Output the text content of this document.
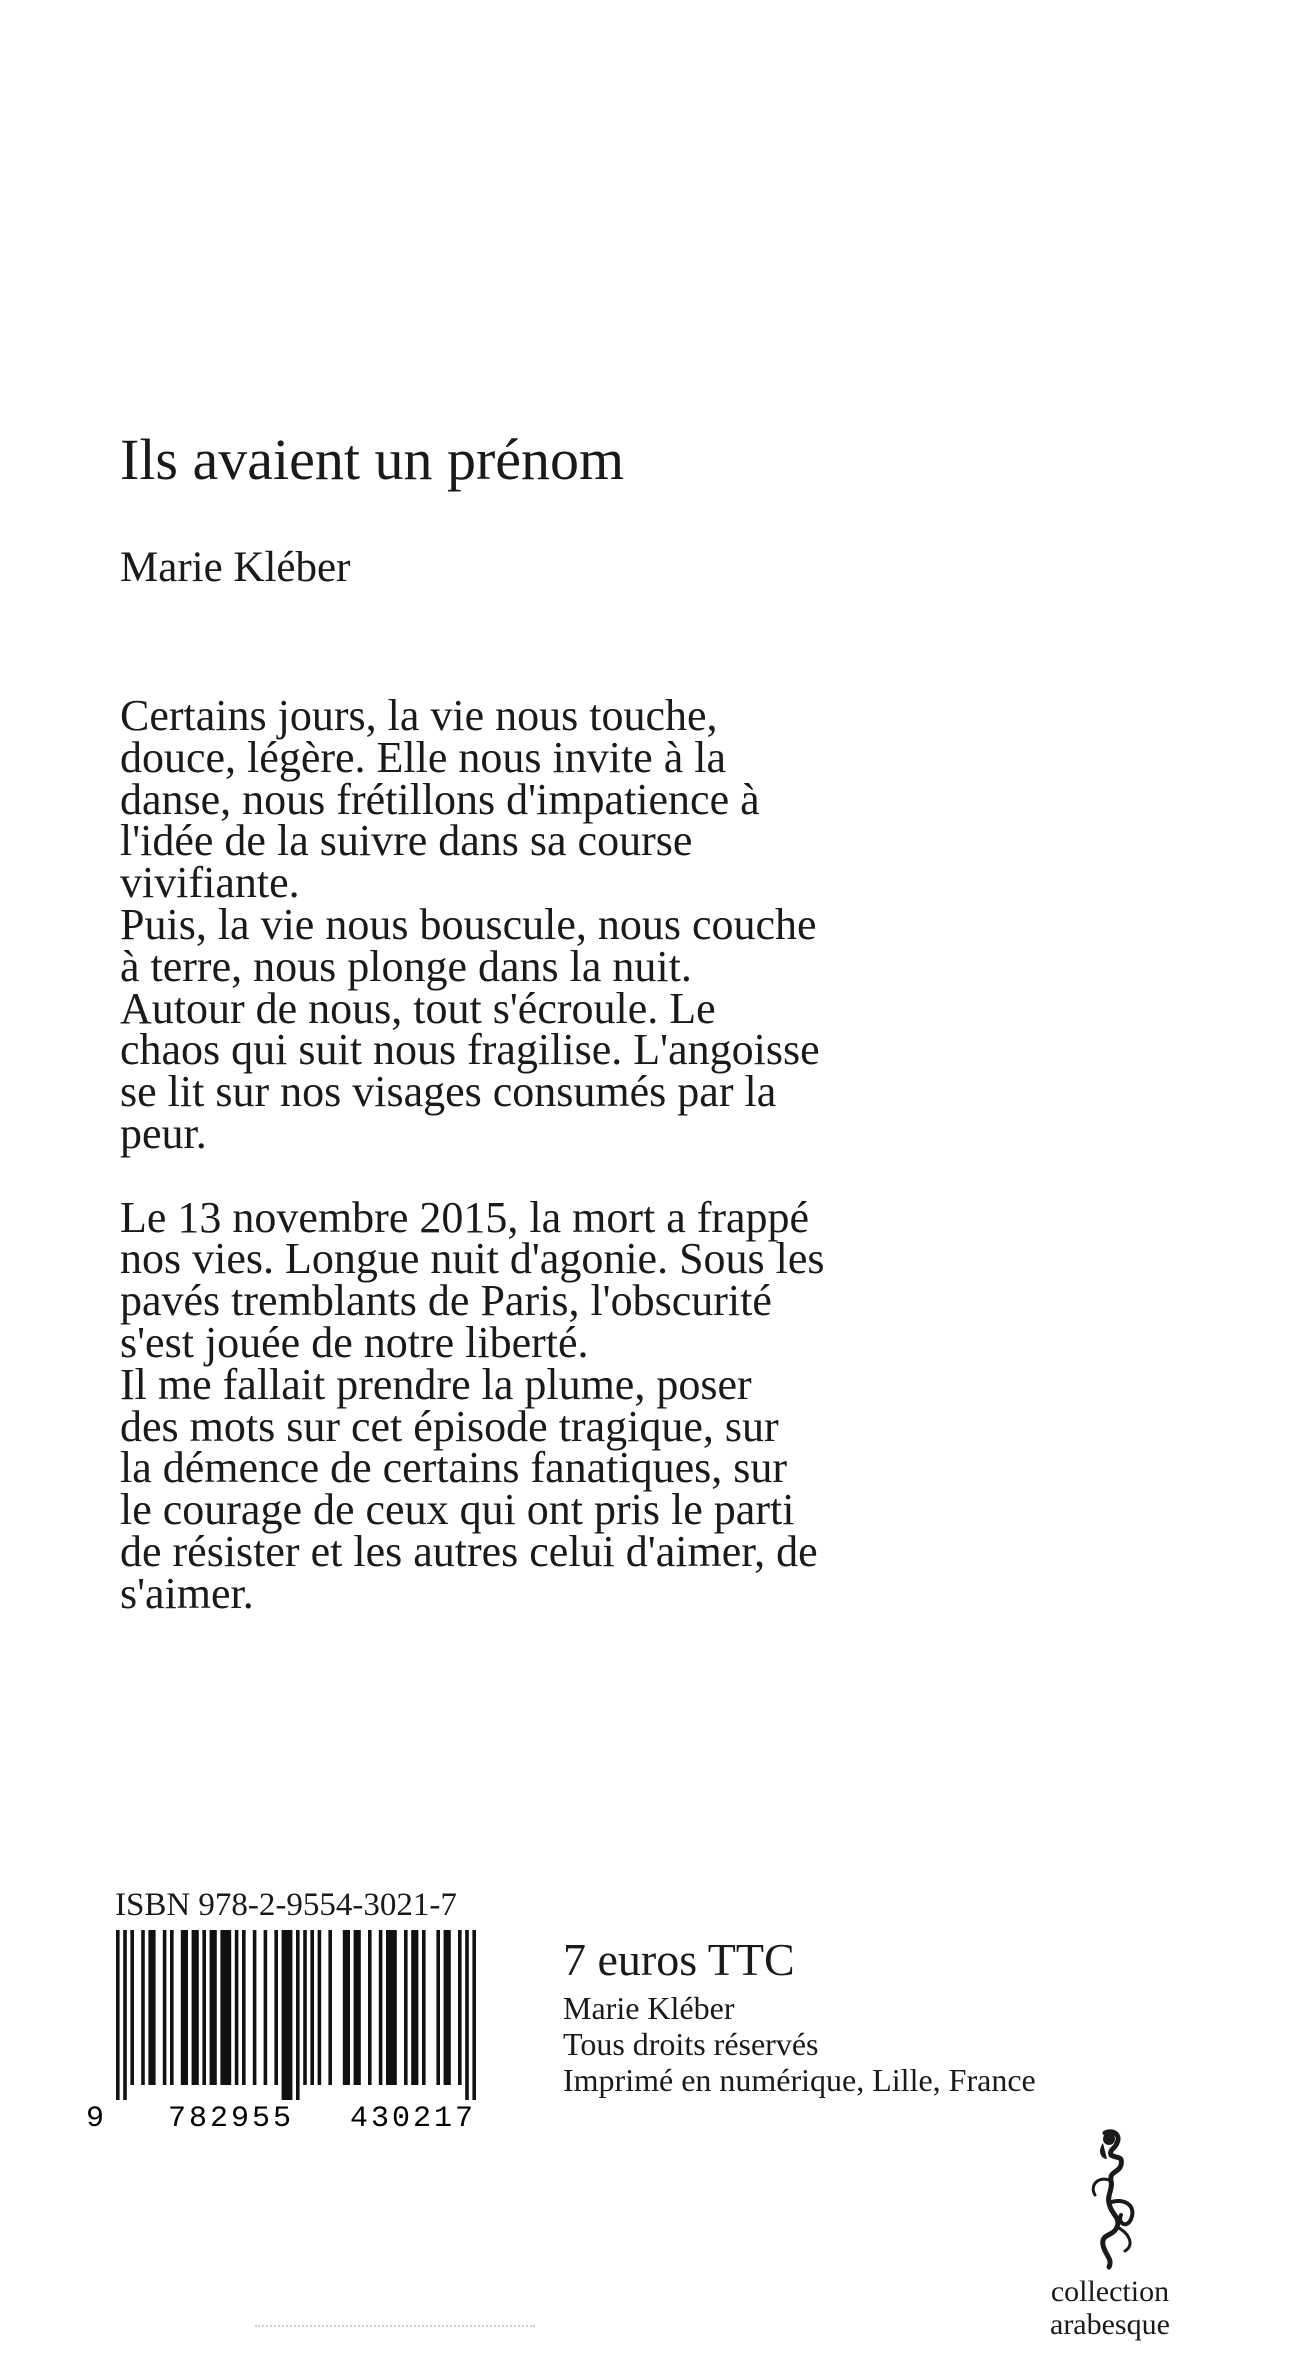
Ils avaient un prénom
Marie Kléber
Certains jours, la vie nous touche,
douce, légère. Elle nous invite à la
danse, nous frétillons d'impatience à
l'idée de la suivre dans sa course
vivifiante.
Puis, la vie nous bouscule, nous couche
à terre, nous plonge dans la nuit.
Autour de nous, tout s'écroule. Le
chaos qui suit nous fragilise. L'angoisse
se lit sur nos visages consumés par la
peur.
Le 13 novembre 2015, la mort a frappé
nos vies. Longue nuit d'agonie. Sous les
pavés tremblants de Paris, l'obscurité
s'est jouée de notre liberté.
Il me fallait prendre la plume, poser
des mots sur cet épisode tragique, sur
la démence de certains fanatiques, sur
le courage de ceux qui ont pris le parti
de résister et les autres celui d'aimer, de
s'aimer.
ISBN 978-2-9554-3021-7
9 782955 430217
7 euros TTC
Marie Kléber
Tous droits réservés
Imprimé en numérique, Lille, France
collection
arabesque
